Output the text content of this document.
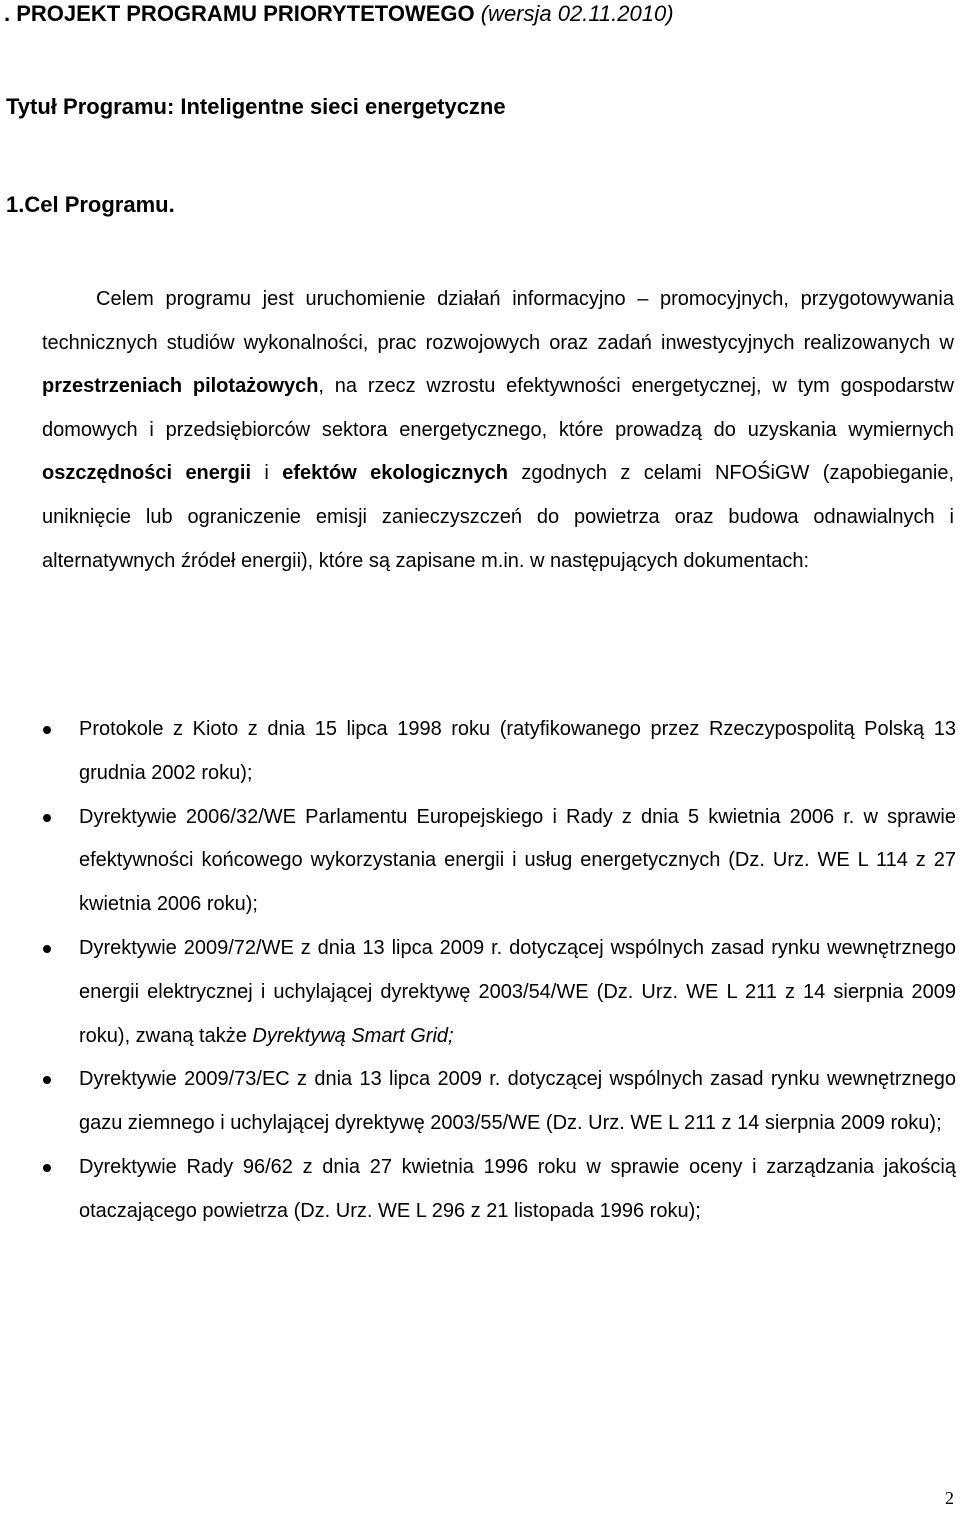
. PROJEKT PROGRAMU PRIORYTETOWEGO (wersja 02.11.2010)
Tytuł Programu: Inteligentne sieci energetyczne
1.Cel Programu.

Celem programu jest uruchomienie działań informacyjno – promocyjnych, przygotowywania technicznych studiów wykonalności, prac rozwojowych oraz zadań inwestycyjnych realizowanych w przestrzeniach pilotażowych, na rzecz wzrostu efektywności energetycznej, w tym gospodarstw domowych i przedsiębiorców sektora energetycznego, które prowadzą do uzyskania wymiernych oszczędności energii i efektów ekologicznych zgodnych z celami NFOŚiGW (zapobieganie, uniknięcie lub ograniczenie emisji zanieczyszczeń do powietrza oraz budowa odnawialnych i alternatywnych źródeł energii), które są zapisane m.in. w następujących dokumentach:

Protokole z Kioto z dnia 15 lipca 1998 roku (ratyfikowanego przez Rzeczypospolitą Polską 13 grudnia 2002 roku);
Dyrektywie 2006/32/WE Parlamentu Europejskiego i Rady z dnia 5 kwietnia 2006 r. w sprawie efektywności końcowego wykorzystania energii i usług energetycznych (Dz. Urz. WE L 114 z 27 kwietnia 2006 roku);
Dyrektywie 2009/72/WE z dnia 13 lipca 2009 r. dotyczącej wspólnych zasad rynku wewnętrznego energii elektrycznej i uchylającej dyrektywę 2003/54/WE (Dz. Urz. WE L 211 z 14 sierpnia 2009 roku), zwaną także Dyrektywą Smart Grid;
Dyrektywie 2009/73/EC z dnia 13 lipca 2009 r. dotyczącej wspólnych zasad rynku wewnętrznego gazu ziemnego i uchylającej dyrektywę 2003/55/WE (Dz. Urz. WE L 211 z 14 sierpnia 2009 roku);
Dyrektywie Rady 96/62 z dnia 27 kwietnia 1996 roku w sprawie oceny i zarządzania jakością otaczającego powietrza (Dz. Urz. WE L 296 z 21 listopada 1996 roku);
2
